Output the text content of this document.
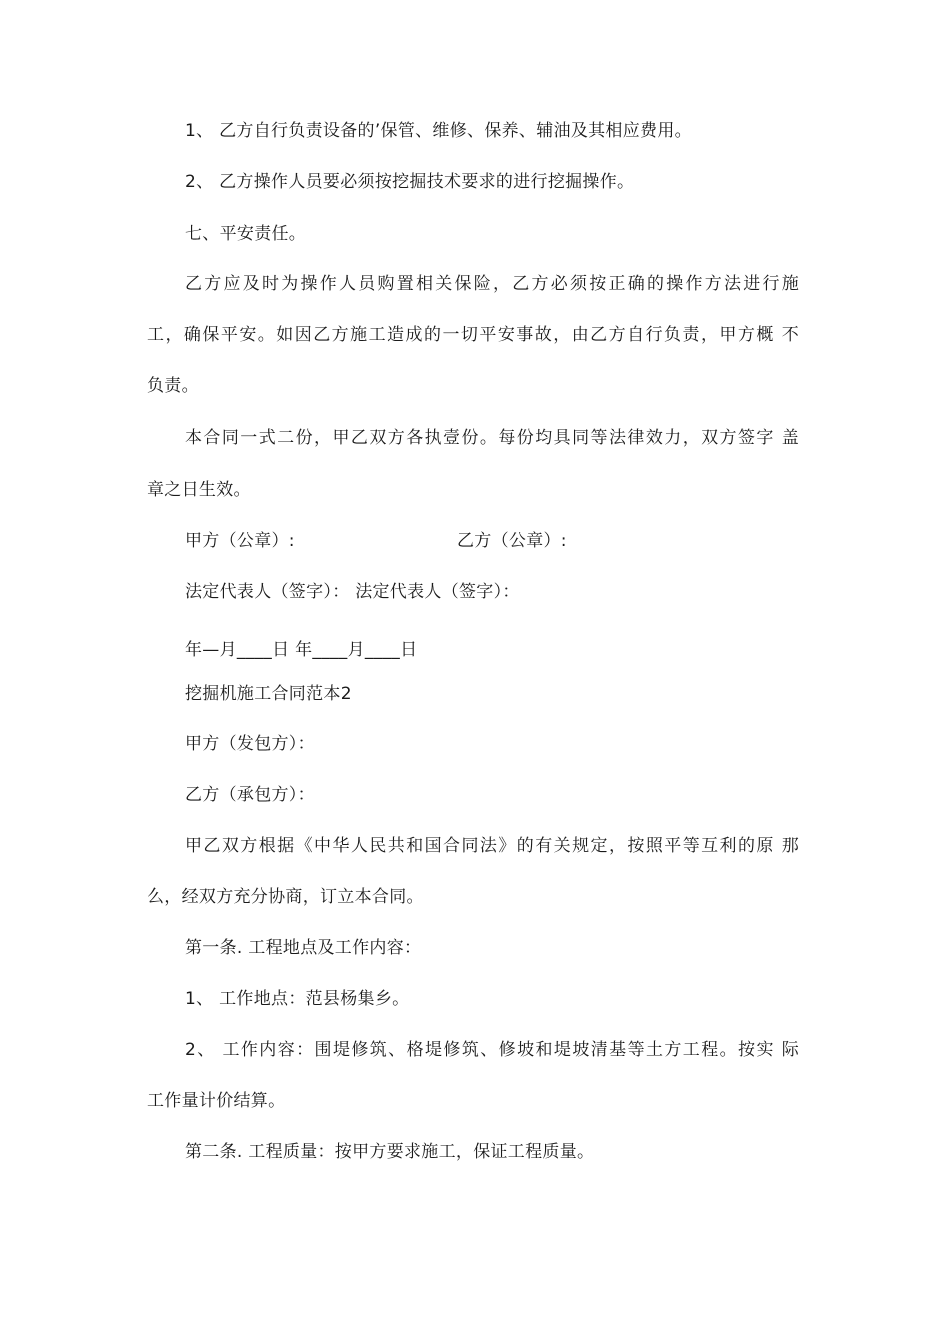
1、 乙方自行负责设备的’保管、维修、保养、辅油及其相应费用。
2、 乙方操作人员要必须按挖掘技术要求的进行挖掘操作。
七、平安责任。
乙方应及时为操作人员购置相关保险，乙方必须按正确的操作方法进行施
工，确保平安。如因乙方施工造成的一切平安事故，由乙方自行负责，甲方概 不
负责。
本合同一式二份，甲乙双方各执壹份。每份均具同等法律效力，双方签字 盖
章之日生效。
甲方（公章）:	乙方（公章）:
法定代表人（签字）： 法定代表人（签字）：
年—月____日 年____月____日
挖掘机施工合同范本2
甲方（发包方）：
乙方（承包方）：
甲乙双方根据《中华人民共和国合同法》的有关规定，按照平等互利的原 那
么，经双方充分协商，订立本合同。
第一条. 工程地点及工作内容：
1、 工作地点：范县杨集乡。
2、 工作内容：围堤修筑、格堤修筑、修坡和堤坡清基等土方工程。按实 际
工作量计价结算。
第二条. 工程质量：按甲方要求施工，保证工程质量。
